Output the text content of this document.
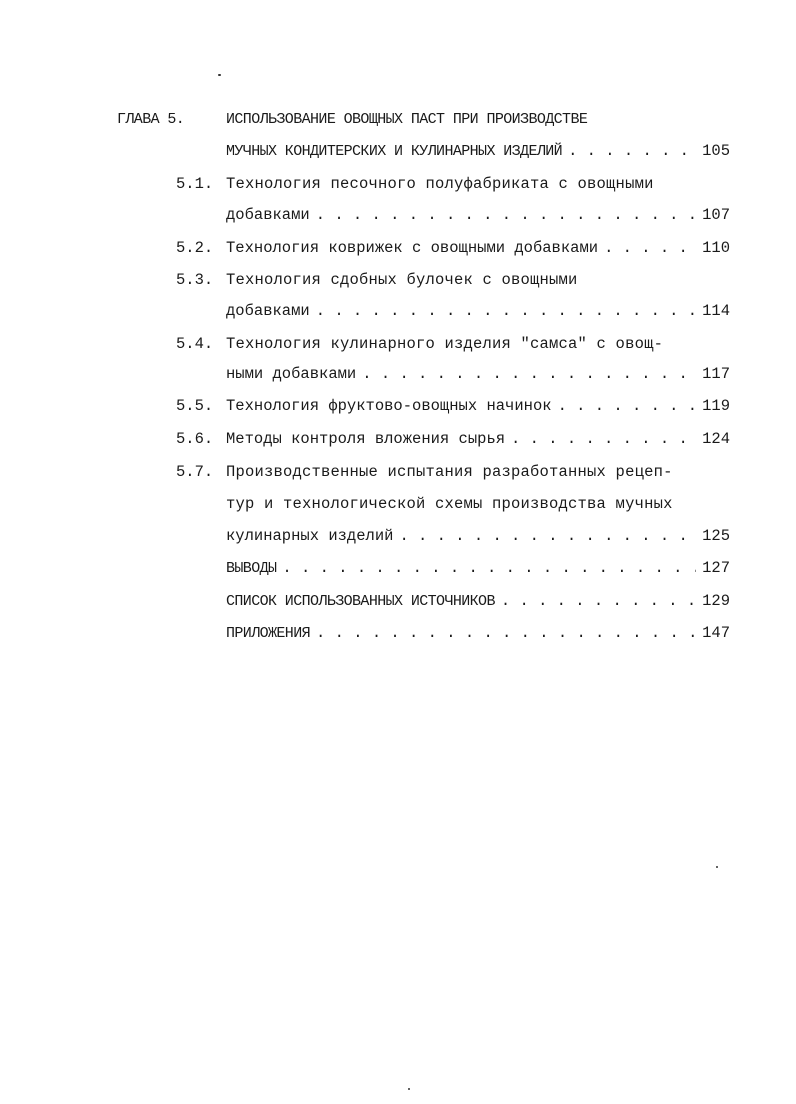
ГЛАВА 5.	ИСПОЛЬЗОВАНИЕ ОВОЩНЫХ ПАСТ ПРИ ПРОИЗВОДСТВЕ
МУЧНЫХ КОНДИТЕРСКИХ И КУЛИНАРНЫХ ИЗДЕЛИЙ . . .	105
5.1. Технология песочного полуфабриката с овощными
добавками . . .	107
5.2. Технология коврижек с овощными добавками . . .	110
5.3. Технология сдобных булочек с овощными
добавками . . .	114
5.4. Технология кулинарного изделия "самса" с овощ-
ными добавками . . .	117
5.5. Технология фруктово-овощных начинок . . .	119
5.6. Методы контроля вложения сырья . . .	124
5.7. Производственные испытания разработанных рецеп-
тур и технологической схемы производства мучных
кулинарных изделий . . .	125
ВЫВОДЫ . . .	127
СПИСОК ИСПОЛЬЗОВАННЫХ ИСТОЧНИКОВ . . .	129
ПРИЛОЖЕНИЯ . . .	147
